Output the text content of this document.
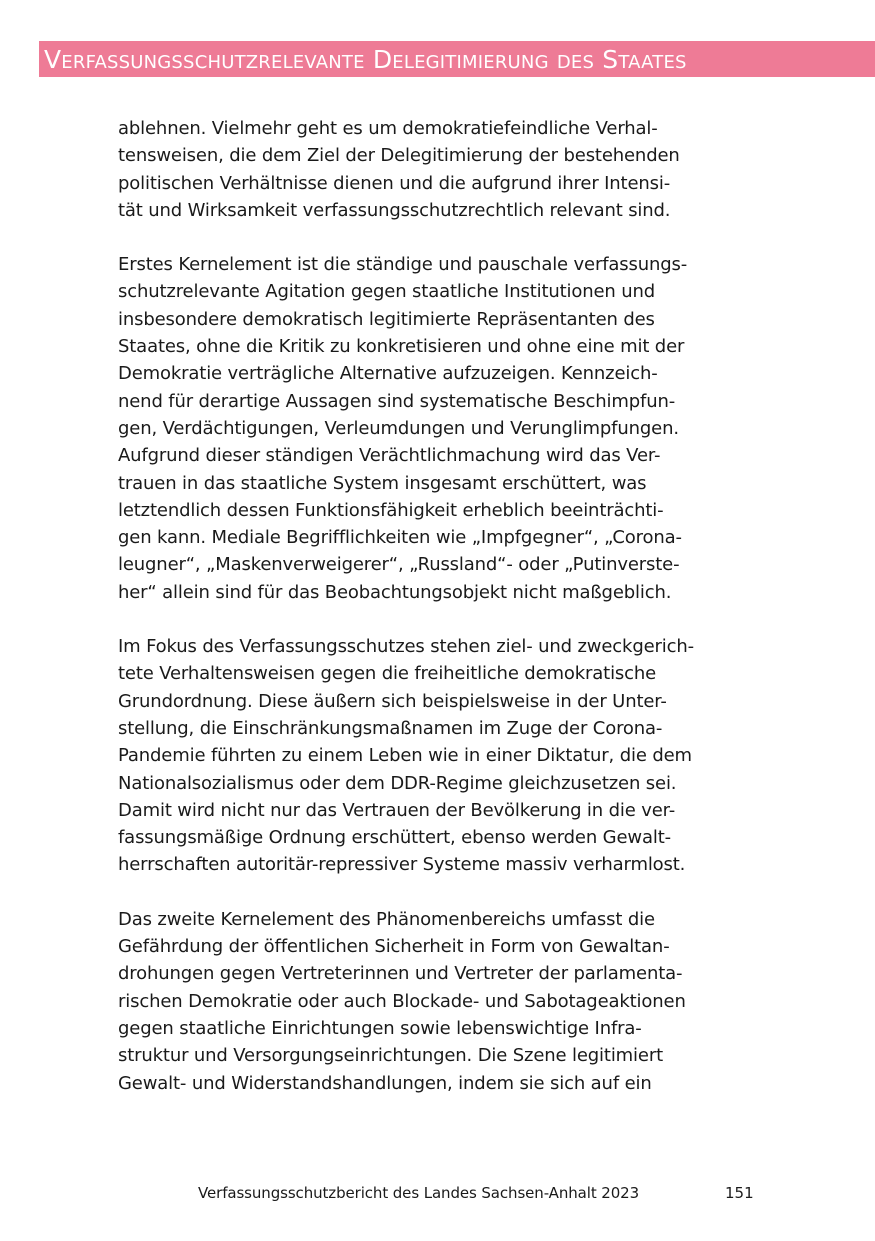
Verfassungsschutzrelevante Delegitimierung des Staates

ablehnen. Vielmehr geht es um demokratiefeindliche Verhal-
tensweisen, die dem Ziel der Delegitimierung der bestehenden
politischen Verhältnisse dienen und die aufgrund ihrer Intensi-
tät und Wirksamkeit verfassungsschutzrechtlich relevant sind.

Erstes Kernelement ist die ständige und pauschale verfassungs-
schutzrelevante Agitation gegen staatliche Institutionen und
insbesondere demokratisch legitimierte Repräsentanten des
Staates, ohne die Kritik zu konkretisieren und ohne eine mit der
Demokratie verträgliche Alternative aufzuzeigen. Kennzeich-
nend für derartige Aussagen sind systematische Beschimpfun-
gen, Verdächtigungen, Verleumdungen und Verunglimpfungen.
Aufgrund dieser ständigen Verächtlichmachung wird das Ver-
trauen in das staatliche System insgesamt erschüttert, was
letztendlich dessen Funktionsfähigkeit erheblich beeinträchti-
gen kann. Mediale Begrifflichkeiten wie „Impfgegner“, „Corona-
leugner“, „Maskenverweigerer“, „Russland“- oder „Putinverste-
her“ allein sind für das Beobachtungsobjekt nicht maßgeblich.

Im Fokus des Verfassungsschutzes stehen ziel- und zweckgerich-
tete Verhaltensweisen gegen die freiheitliche demokratische
Grundordnung. Diese äußern sich beispielsweise in der Unter-
stellung, die Einschränkungsmaßnamen im Zuge der Corona-
Pandemie führten zu einem Leben wie in einer Diktatur, die dem
Nationalsozialismus oder dem DDR-Regime gleichzusetzen sei.
Damit wird nicht nur das Vertrauen der Bevölkerung in die ver-
fassungsmäßige Ordnung erschüttert, ebenso werden Gewalt-
herrschaften autoritär-repressiver Systeme massiv verharmlost.

Das zweite Kernelement des Phänomenbereichs umfasst die
Gefährdung der öffentlichen Sicherheit in Form von Gewaltan-
drohungen gegen Vertreterinnen und Vertreter der parlamenta-
rischen Demokratie oder auch Blockade- und Sabotageaktionen
gegen staatliche Einrichtungen sowie lebenswichtige Infra-
struktur und Versorgungseinrichtungen. Die Szene legitimiert
Gewalt- und Widerstandshandlungen, indem sie sich auf ein

Verfassungsschutzbericht des Landes Sachsen-Anhalt 2023	151
